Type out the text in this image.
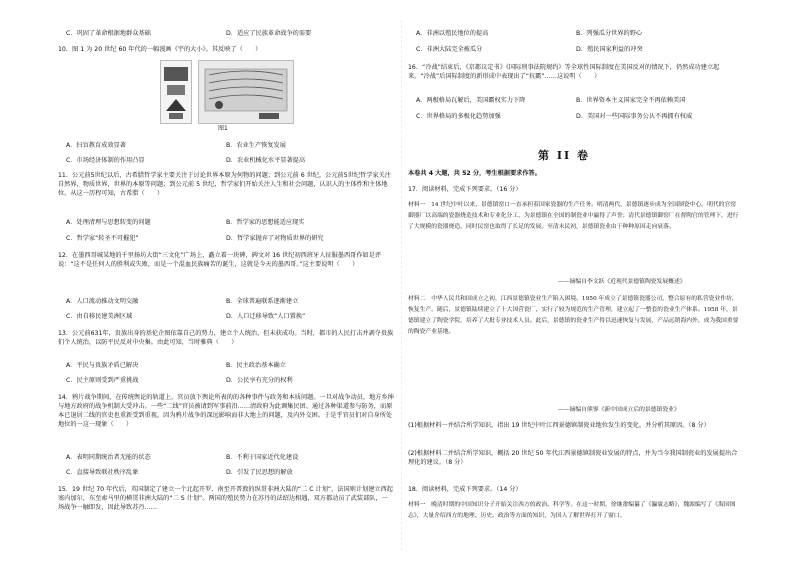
C．巩固了革命根据地群众基础	D．适应了民族革命战争的需要
10．图 1 为 20 世纪 60 年代的一幅漫画《宇的大小》。其反映了（　　）
图1
A．扫盲教育成效显著	B．农业生产恢复发展
C．市场经济体制的作用凸显	D．农业机械化水平显著提高
11．公元前5世纪以后，古希腊哲学家主要关注于讨论世界本原为何物的问题；到公元前 6 世纪，公元前5世纪哲学家关注自然界，物质世界，世界的本原等问题；到公元前 5 世纪，哲学家们开始关注人生和社会问题，认识人的主体性和主体地位。从这一历程可知，古希腊（　　）
A．处理清理与思想转变的问题	B．哲学家的思想能适应现实
C．哲学家“转圣不可摧犯”	D．哲学家抛弃了对物质世界的研究
12．在墨西哥城某地的千里扬坊大街“三文化”广场上，矗立着一块碑，碑文对 16 世纪初西班牙人征服墨西哥作如是评说：“这不是任何人的胜利或失败，而是一个混血民族痛苦的诞生，这就是今天的墨西哥。”这主要说明（　　）
A．人口流动推动文明交融	B．全球普遍联系逐渐建立
C．由自移民建美洲区域	D．人口迁移导致“人口置换”
13．公元前631年，贵族出身的基伦企图依靠自己的势力，建立个人统治，但未获成功。当时，都市的人民打击并剥夺贵族们个人统治，以防平民反对中央集。由此可知，当时雅典（　　）
A．平民与贵族矛盾已解决	B．民主政治基本确立
C．民主原则受到严重挑战	D．公民享有充分的权利
14．鸦片战争期间，在传统舆论的轨道上，官员放下舆论所表的的各种事件与政务和本质问题。一旦对战争动员，地方乡绅与地方政府的战争机制大受冲击。一些“二线”官员被请到军事前沿……清政府为此调集民团、通过各种渠道参与防务，而原本已退居二线的官吏也重新受到重视。因为鸦片战争的深远影响而非大地上的问题，及内外交困。于是乎官员们对自身所处地位的一这一现象（　　）
A．表明同期统治者无能的状态	B．不利于国家近代化建设
C．直接导致联社秩序乱象	D．引发了民思想的解放
15．19 世纪 70 年代后，英国制定了建立一个北起开罗、南至开普敦的纵贯非洲大陆的“二 C 计划”，法国则计划建立西起塞内加尔，东至索马里的横贯非洲大陆的“二 S 计划”。两国的殖民势力在苏丹的法绍达相遇，双方都动员了武装部队，一场战争一触即发，因此导致苏丹……
A．非洲以殖民地位的提高	B．列强瓜分世界的野心
C．非洲大陆完全被瓜分	D．殖民国家利益的冲突
16．“冷战”结束后，《京都议定书》《国际刑事法院规约》等全球性国际制度在美国反对的情况下，仍然成功建立起来。“冷战”后国际制度的新形成中表现出了“抗霸”……这说明（　　）
A．两极格局瓦解后，美国霸权实力下降	B．世界资本主义国家完全不再依赖美国
C．世界格局的多极化趋势加强	D．美国对一些国际事务公认不再拥有权威
第 II 卷
本卷共 4 大题，共 52 分，考生根据要求作答。
17．阅读材料，完成下列要求。（16 分）
材料一　14 世纪中叶以来，景德镇窑口一直承担着国家瓷器的生产任务。明清两代，景德镇逐步成为全国制瓷中心。明代的官窑御器厂以高端的瓷器烧造技术和专业化分工，为景德镇在全国的制瓷业中赢得了声誉；清代景德镇御窑厂在督陶官的管理下，进行了大规模的瓷器烧造，同时民窑也取得了长足的发展。至清末民初，景德镇瓷业由于种种原因走向衰落。
——摘编自李文跃《近现代景德镇陶瓷发展概述》
材料二　中华人民共和国成立之初，江西景德镇瓷业生产陷入困境。1950 年成立了景德镇瓷器公司，整合原有的私营瓷业作坊，恢复生产。随后，景德镇陆续建立了十大国营瓷厂，实行了较为规范的生产管理，建立起了一整套的瓷业生产体系。1958 年，景德镇建立了陶瓷学院，培养了大批专业技术人员。此后，景德镇的瓷业生产得以迅速恢复与发展，产品远销海内外，成为我国重要的陶瓷产业基地。
——摘编自熊寥《新中国成立后的景德镇瓷业》
(1)根据材料一并结合所学知识，指出 19 世纪中叶江西景德镇制瓷业地位发生的变化，并分析其原因。（8 分）
(2)根据材料二并结合所学知识，概括 20 世纪 50 年代江西景德镇制瓷业发展的特点，并为当今我国制瓷业的发展提出合理化的建议。（8 分）
18．阅读材料，完成下列要求。（14 分）
材料一　晚清时期的中国知识分子开始关注西方的政治、科学等。在这一时期，徐继畬编纂了《瀛寰志略》，魏源编写了《海国图志》，大量介绍西方的地理、历史、政治等方面的知识，为国人了解世界打开了窗口。
